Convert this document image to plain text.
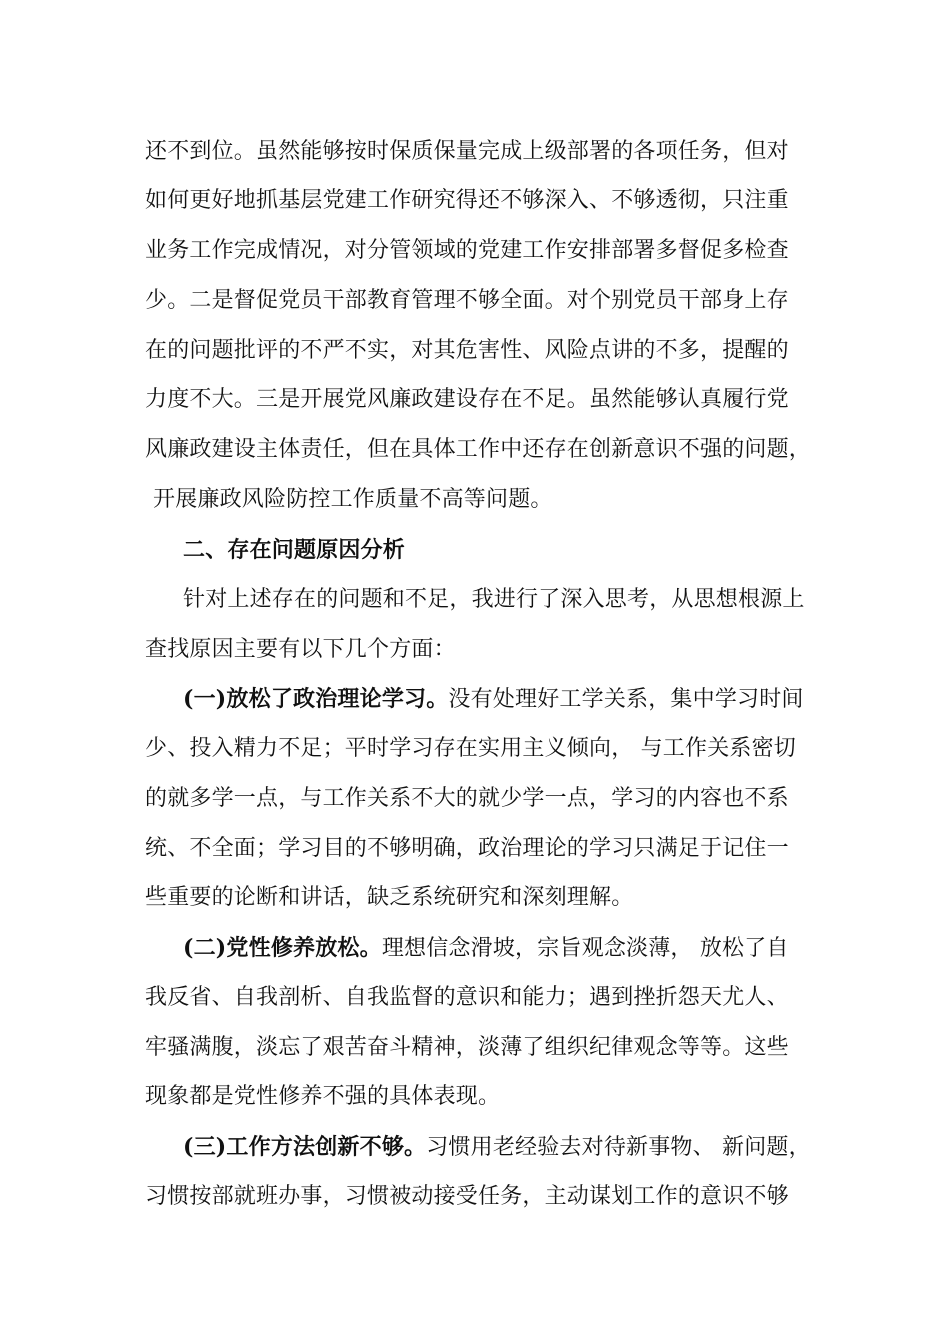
还不到位。虽然能够按时保质保量完成上级部署的各项任务，但对
如何更好地抓基层党建工作研究得还不够深入、不够透彻，只注重
业务工作完成情况，对分管领域的党建工作安排部署多督促多检查
少。二是督促党员干部教育管理不够全面。对个别党员干部身上存
在的问题批评的不严不实，对其危害性、风险点讲的不多，提醒的
力度不大。三是开展党风廉政建设存在不足。虽然能够认真履行党
风廉政建设主体责任，但在具体工作中还存在创新意识不强的问题，
开展廉政风险防控工作质量不高等问题。
二、存在问题原因分析
针对上述存在的问题和不足，我进行了深入思考，从思想根源上
查找原因主要有以下几个方面：
(一)放松了政治理论学习。没有处理好工学关系，集中学习时间
少、投入精力不足；平时学习存在实用主义倾向， 与工作关系密切
的就多学一点，与工作关系不大的就少学一点，学习的内容也不系
统、不全面；学习目的不够明确，政治理论的学习只满足于记住一
些重要的论断和讲话，缺乏系统研究和深刻理解。
(二)党性修养放松。理想信念滑坡，宗旨观念淡薄， 放松了自
我反省、自我剖析、自我监督的意识和能力；遇到挫折怨天尤人、
牢骚满腹，淡忘了艰苦奋斗精神，淡薄了组织纪律观念等等。这些
现象都是党性修养不强的具体表现。
(三)工作方法创新不够。习惯用老经验去对待新事物、 新问题，
习惯按部就班办事，习惯被动接受任务，主动谋划工作的意识不够
